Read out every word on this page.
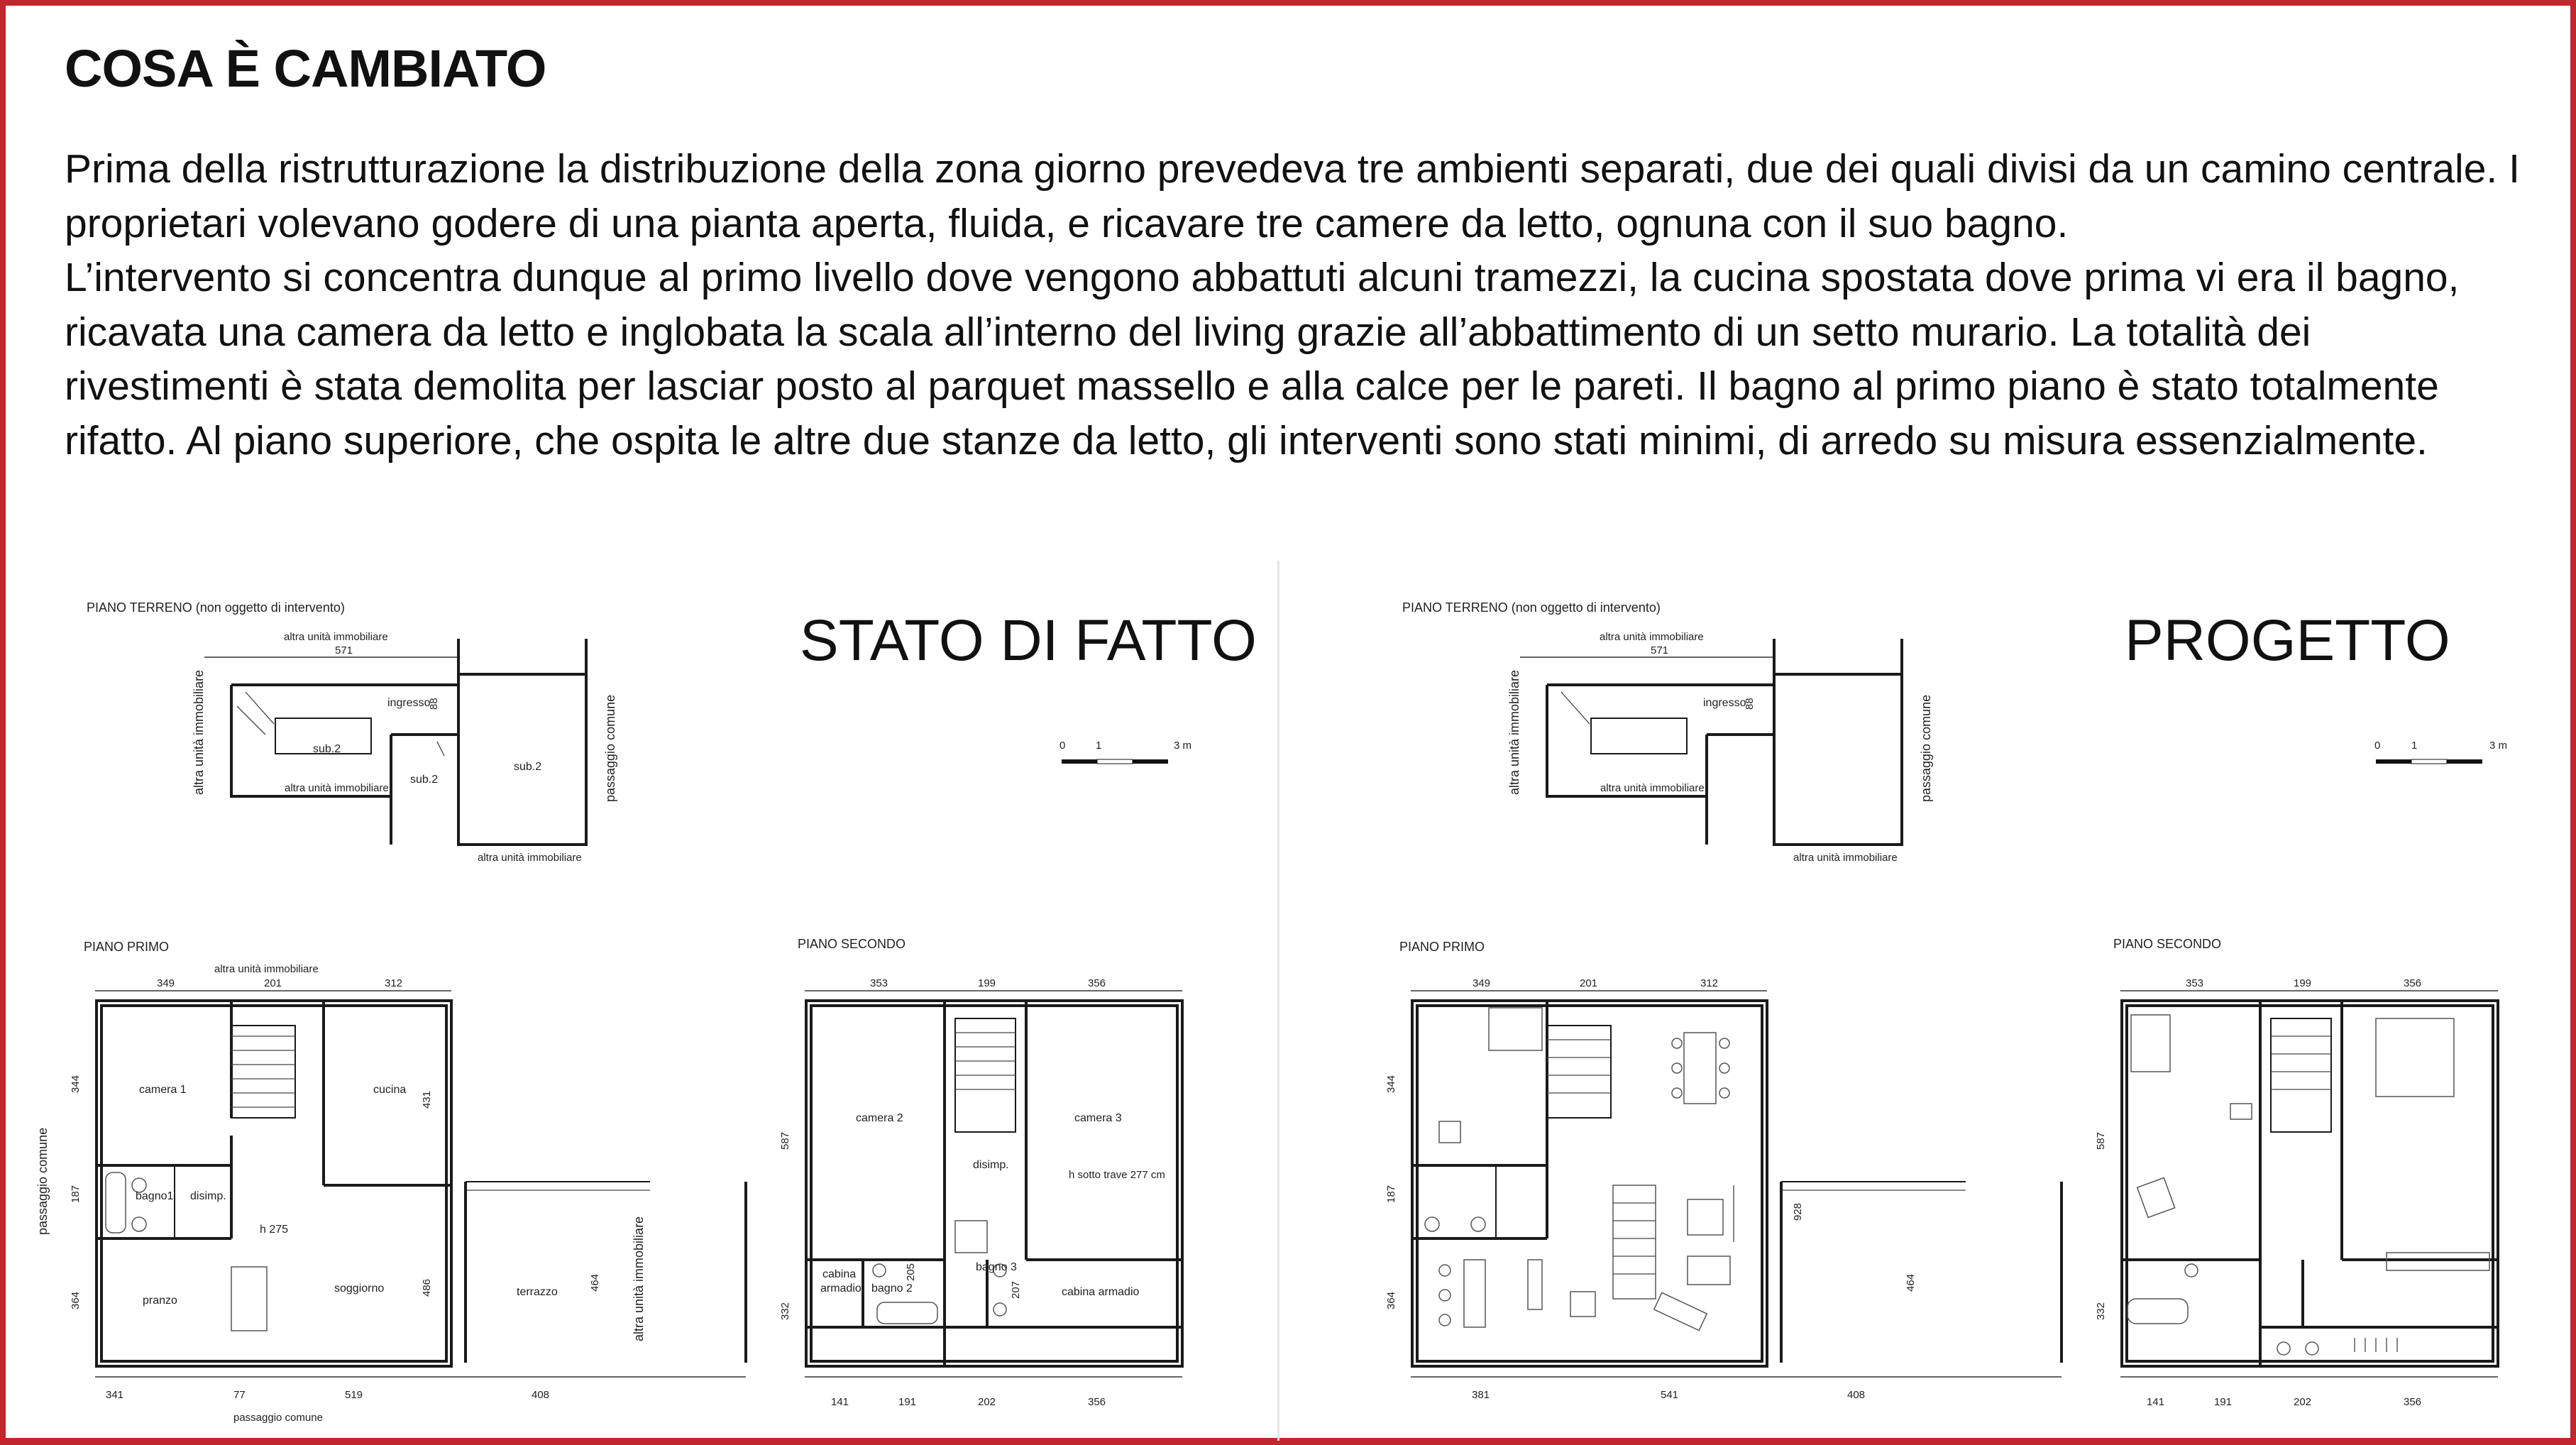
COSA È CAMBIATO

Prima della ristrutturazione la distribuzione della zona giorno prevedeva tre ambienti separati, due dei quali divisi da un camino centrale. I proprietari volevano godere di una pianta aperta, fluida, e ricavare tre camere da letto, ognuna con il suo bagno.

L’intervento si concentra dunque al primo livello dove vengono abbattuti alcuni tramezzi, la cucina spostata dove prima vi era il bagno, ricavata una camera da letto e inglobata la scala all’interno del living grazie all’abbattimento di un setto murario. La totalità dei rivestimenti è stata demolita per lasciar posto al parquet massello e alla calce per le pareti. Il bagno al primo piano è stato totalmente rifatto. Al piano superiore, che ospita le altre due stanze da letto, gli interventi sono stati minimi, di arredo su misura essenzialmente.

STATO DI FATTO
0	1	3 m
PIANO TERRENO (non oggetto di intervento)
altra unità immobiliare
571
altra unità immobiliare	altra unità immobiliare
altra unità immobiliare
passaggio comune
ingresso
88
sub.2
sub.2
sub.2
PIANO PRIMO
altra unità immobiliare
349	201	312
passaggio comune
altra unità immobiliare
344
187
364
431
486	464
camera 1	cucina
bagno1 disimp.
h 275
pranzo
soggiorno	terrazzo
341	77	519	408
passaggio comune
PIANO SECONDO
353	199	356
587
332
camera 2	camera 3
disimp.
h sotto trave 277 cm
cabina
armadio bagno 2
bagno 3
cabina armadio
205
207
141	191	202	356
PROGETTO
0	1	3 m
PIANO TERRENO (non oggetto di intervento)
altra unità immobiliare
571
altra unità immobiliare	altra unità immobiliare
altra unità immobiliare
passaggio comune
ingresso
88
PIANO PRIMO
349	201	312
344
187
364
928
464
381	541	408
PIANO SECONDO
353	199	356
587
332
141	191	202	356
